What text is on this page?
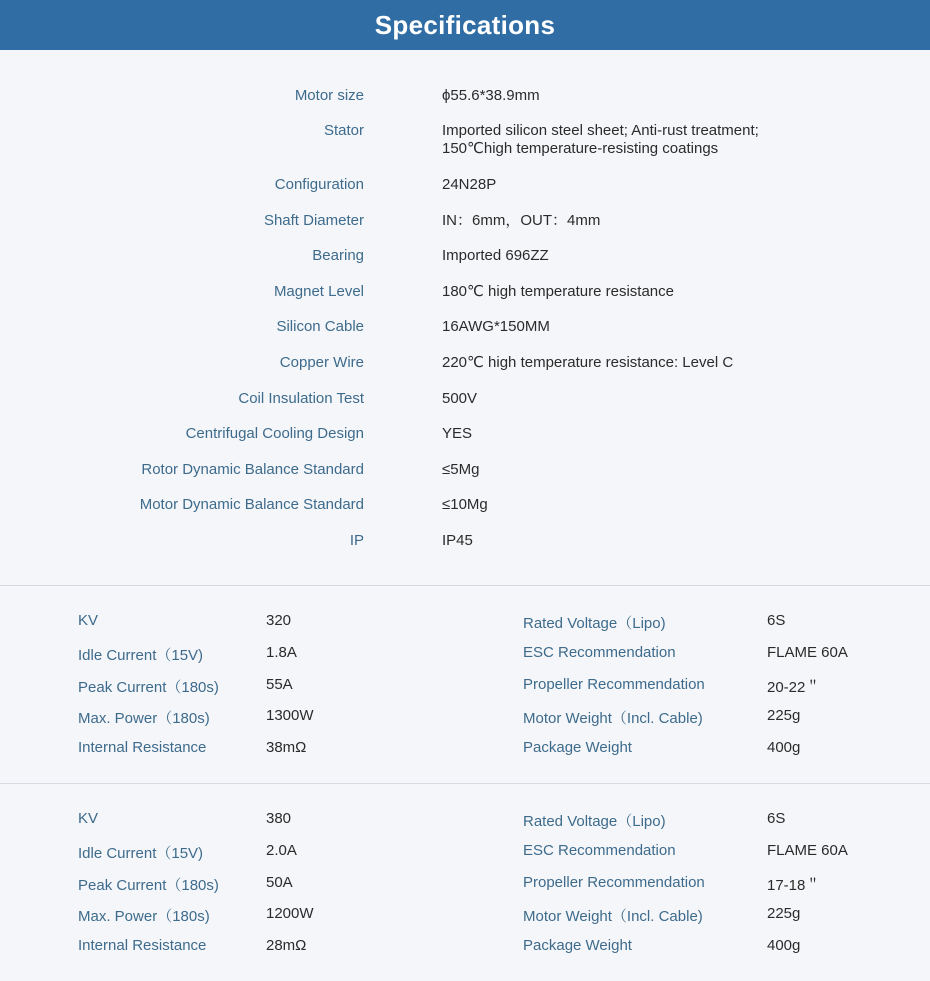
Specifications
Motor size	ϕ55.6*38.9mm
Stator	Imported silicon steel sheet; Anti-rust treatment;
150℃high temperature-resisting coatings
Configuration	24N28P
Shaft Diameter	IN：6mm，OUT：4mm
Bearing	Imported 696ZZ
Magnet Level	180℃ high temperature resistance
Silicon Cable	16AWG*150MM
Copper Wire	220℃ high temperature resistance: Level C
Coil Insulation Test	500V
Centrifugal Cooling Design	YES
Rotor Dynamic Balance Standard	≤5Mg
Motor Dynamic Balance Standard	≤10Mg
IP	IP45
KV	320	Rated Voltage（Lipo)	6S
Idle Current（15V)	1.8A	ESC Recommendation	FLAME 60A
Peak Current（180s)	55A	Propeller Recommendation	20-22＂
Max. Power（180s)	1300W	Motor Weight（Incl. Cable)	225g
Internal Resistance	38mΩ	Package Weight	400g
KV	380	Rated Voltage（Lipo)	6S
Idle Current（15V)	2.0A	ESC Recommendation	FLAME 60A
Peak Current（180s)	50A	Propeller Recommendation	17-18＂
Max. Power（180s)	1200W	Motor Weight（Incl. Cable)	225g
Internal Resistance	28mΩ	Package Weight	400g
